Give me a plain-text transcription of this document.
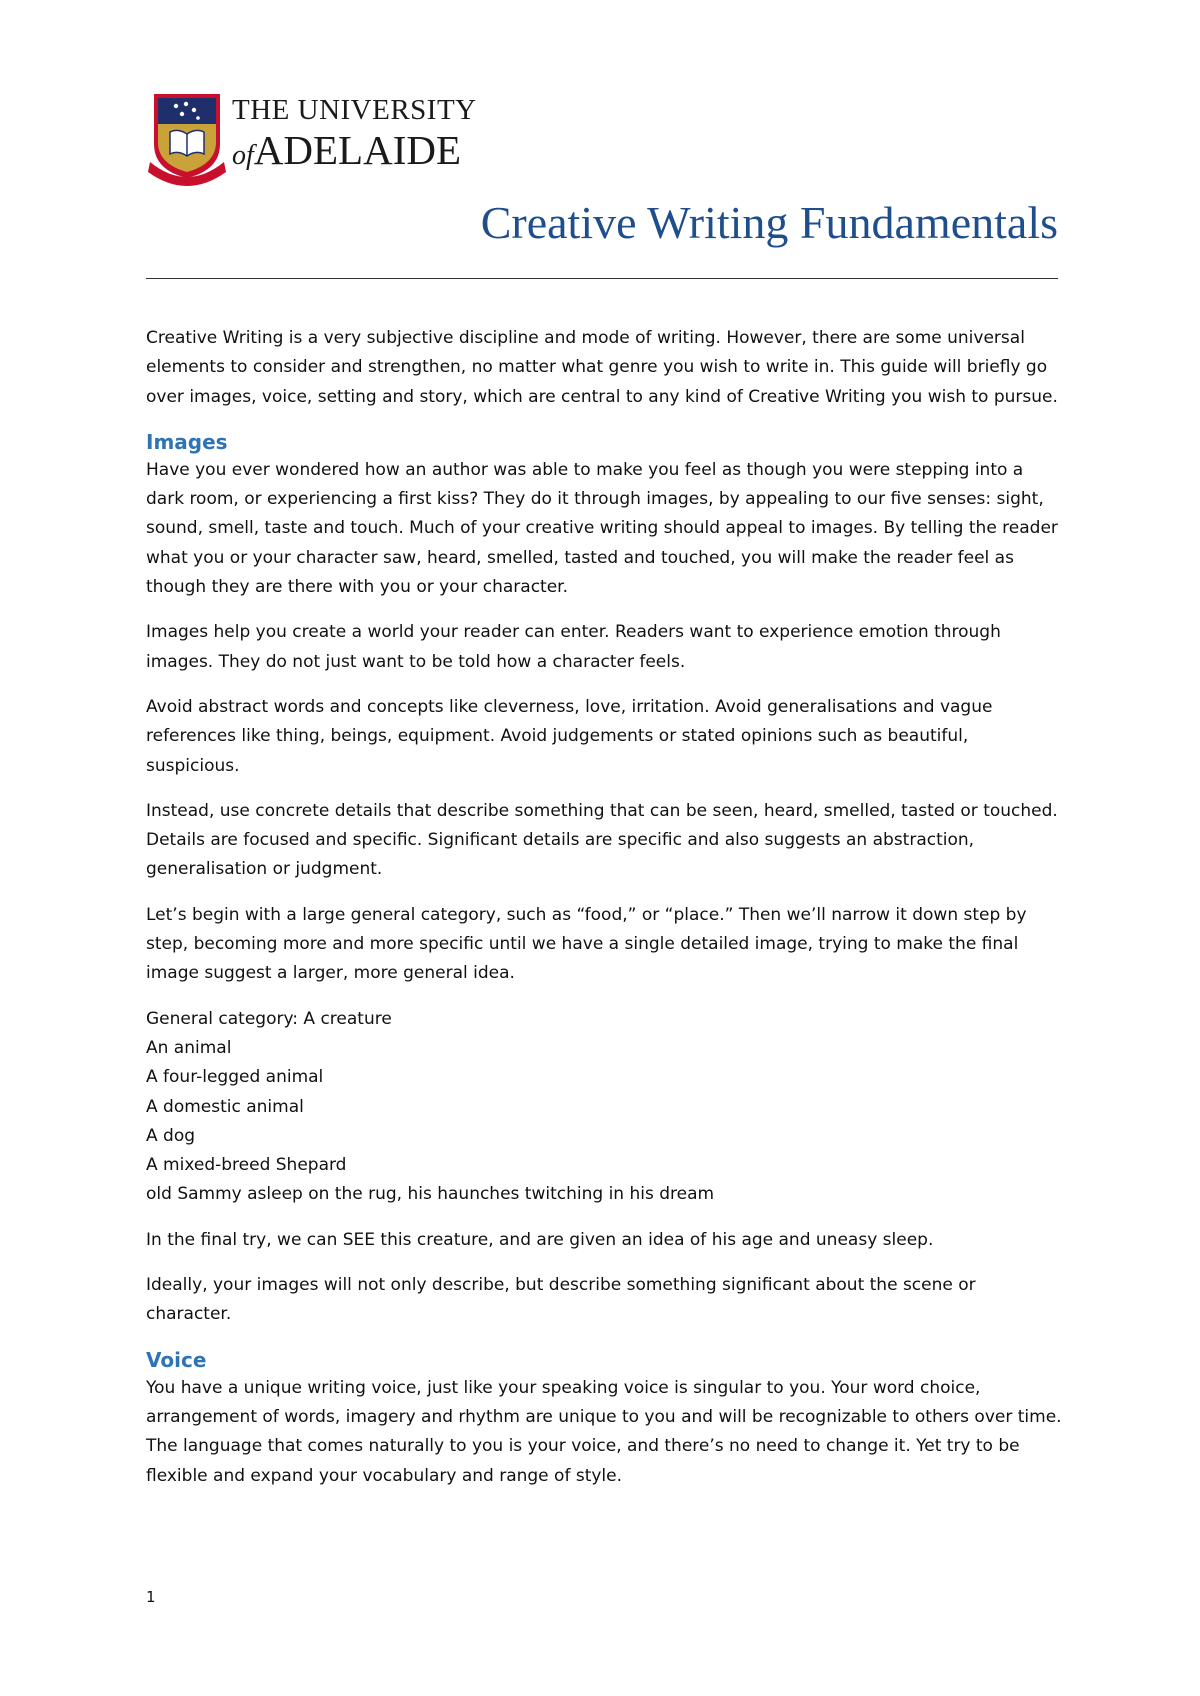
THE UNIVERSITY
ofADELAIDE
Creative Writing Fundamentals

Creative Writing is a very subjective discipline and mode of writing. However, there are some universal elements to consider and strengthen, no matter what genre you wish to write in. This guide will briefly go over images, voice, setting and story, which are central to any kind of Creative Writing you wish to pursue.

Images

Have you ever wondered how an author was able to make you feel as though you were stepping into a dark room, or experiencing a first kiss? They do it through images, by appealing to our five senses: sight, sound, smell, taste and touch. Much of your creative writing should appeal to images. By telling the reader what you or your character saw, heard, smelled, tasted and touched, you will make the reader feel as though they are there with you or your character.

Images help you create a world your reader can enter. Readers want to experience emotion through images. They do not just want to be told how a character feels.

Avoid abstract words and concepts like cleverness, love, irritation. Avoid generalisations and vague references like thing, beings, equipment. Avoid judgements or stated opinions such as beautiful, suspicious.

Instead, use concrete details that describe something that can be seen, heard, smelled, tasted or touched. Details are focused and specific. Significant details are specific and also suggests an abstraction, generalisation or judgment.

Let’s begin with a large general category, such as “food,” or “place.” Then we’ll narrow it down step by step, becoming more and more specific until we have a single detailed image, trying to make the final image suggest a larger, more general idea.

General category: A creature
An animal
A four-legged animal
A domestic animal
A dog
A mixed-breed Shepard
old Sammy asleep on the rug, his haunches twitching in his dream

In the final try, we can SEE this creature, and are given an idea of his age and uneasy sleep.

Ideally, your images will not only describe, but describe something significant about the scene or character.

Voice

You have a unique writing voice, just like your speaking voice is singular to you. Your word choice, arrangement of words, imagery and rhythm are unique to you and will be recognizable to others over time. The language that comes naturally to you is your voice, and there’s no need to change it. Yet try to be flexible and expand your vocabulary and range of style.

1
